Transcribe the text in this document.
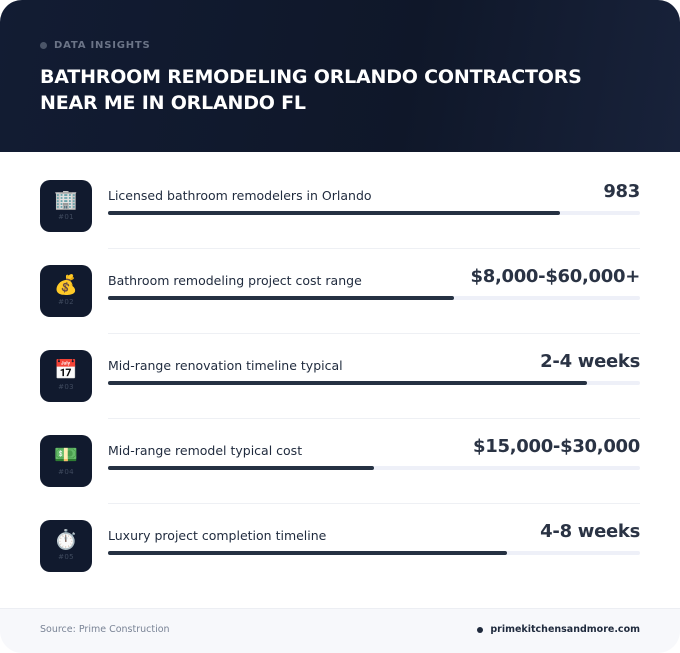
DATA INSIGHTS
BATHROOM REMODELING ORLANDO CONTRACTORS NEAR ME IN ORLANDO FL
🏢
#01
Licensed bathroom remodelers in Orlando	983
💰
#02
Bathroom remodeling project cost range	$8,000-$60,000+
📅
#03
Mid-range renovation timeline typical	2-4 weeks
💵
#04
Mid-range remodel typical cost	$15,000-$30,000
⏱️
#05
Luxury project completion timeline	4-8 weeks
Source: Prime Construction	primekitchensandmore.com
